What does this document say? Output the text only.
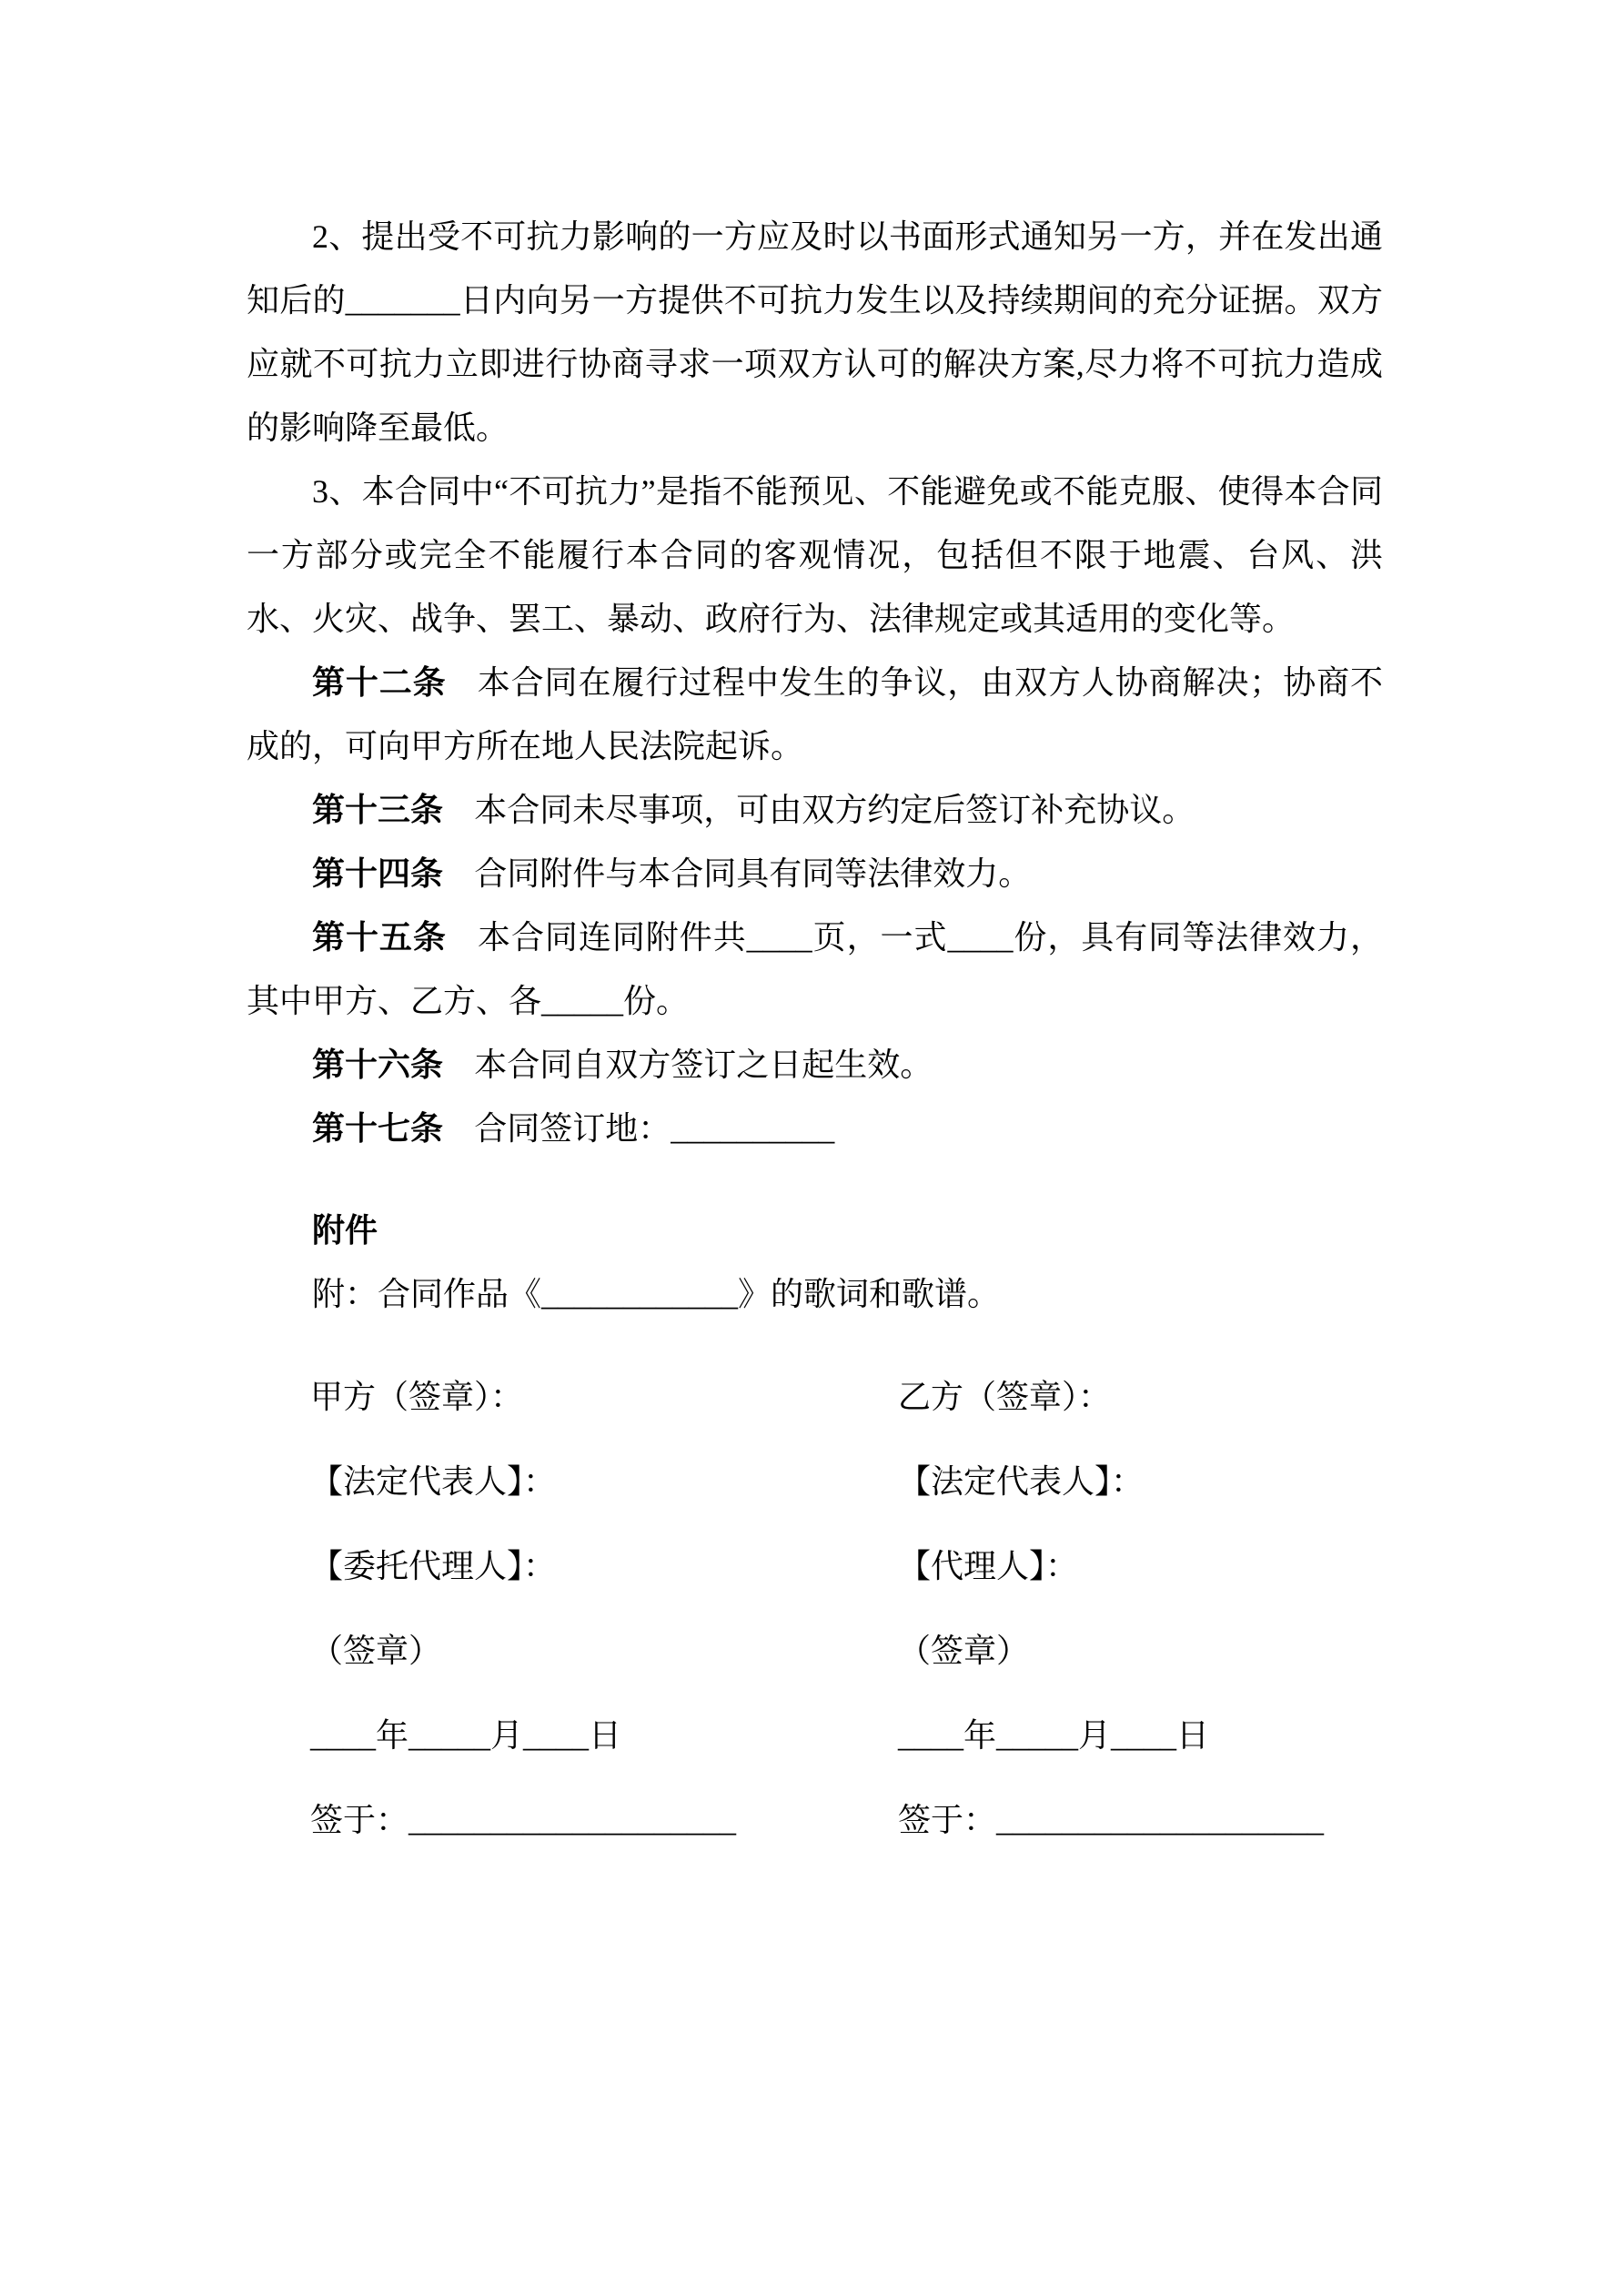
2、提出受不可抗力影响的一方应及时以书面形式通知另一方，并在发出通知后的_______日内向另一方提供不可抗力发生以及持续期间的充分证据。双方应就不可抗力立即进行协商寻求一项双方认可的解决方案,尽力将不可抗力造成的影响降至最低。

3、本合同中“不可抗力”是指不能预见、不能避免或不能克服、使得本合同一方部分或完全不能履行本合同的客观情况，包括但不限于地震、台风、洪水、火灾、战争、罢工、暴动、政府行为、法律规定或其适用的变化等。

第十二条 本合同在履行过程中发生的争议，由双方人协商解决；协商不成的，可向甲方所在地人民法院起诉。

第十三条 本合同未尽事项，可由双方约定后签订补充协议。

第十四条 合同附件与本合同具有同等法律效力。

第十五条 本合同连同附件共____页，一式____份，具有同等法律效力，其中甲方、乙方、各_____份。

第十六条 本合同自双方签订之日起生效。

第十七条 合同签订地：__________

附件

附：合同作品《____________》的歌词和歌谱。

甲方（签章）：

【法定代表人】：

【委托代理人】：

（签章）

____年_____月____日

签于：____________________

乙方（签章）：

【法定代表人】：

【代理人】：

（签章）

____年_____月____日

签于：____________________
